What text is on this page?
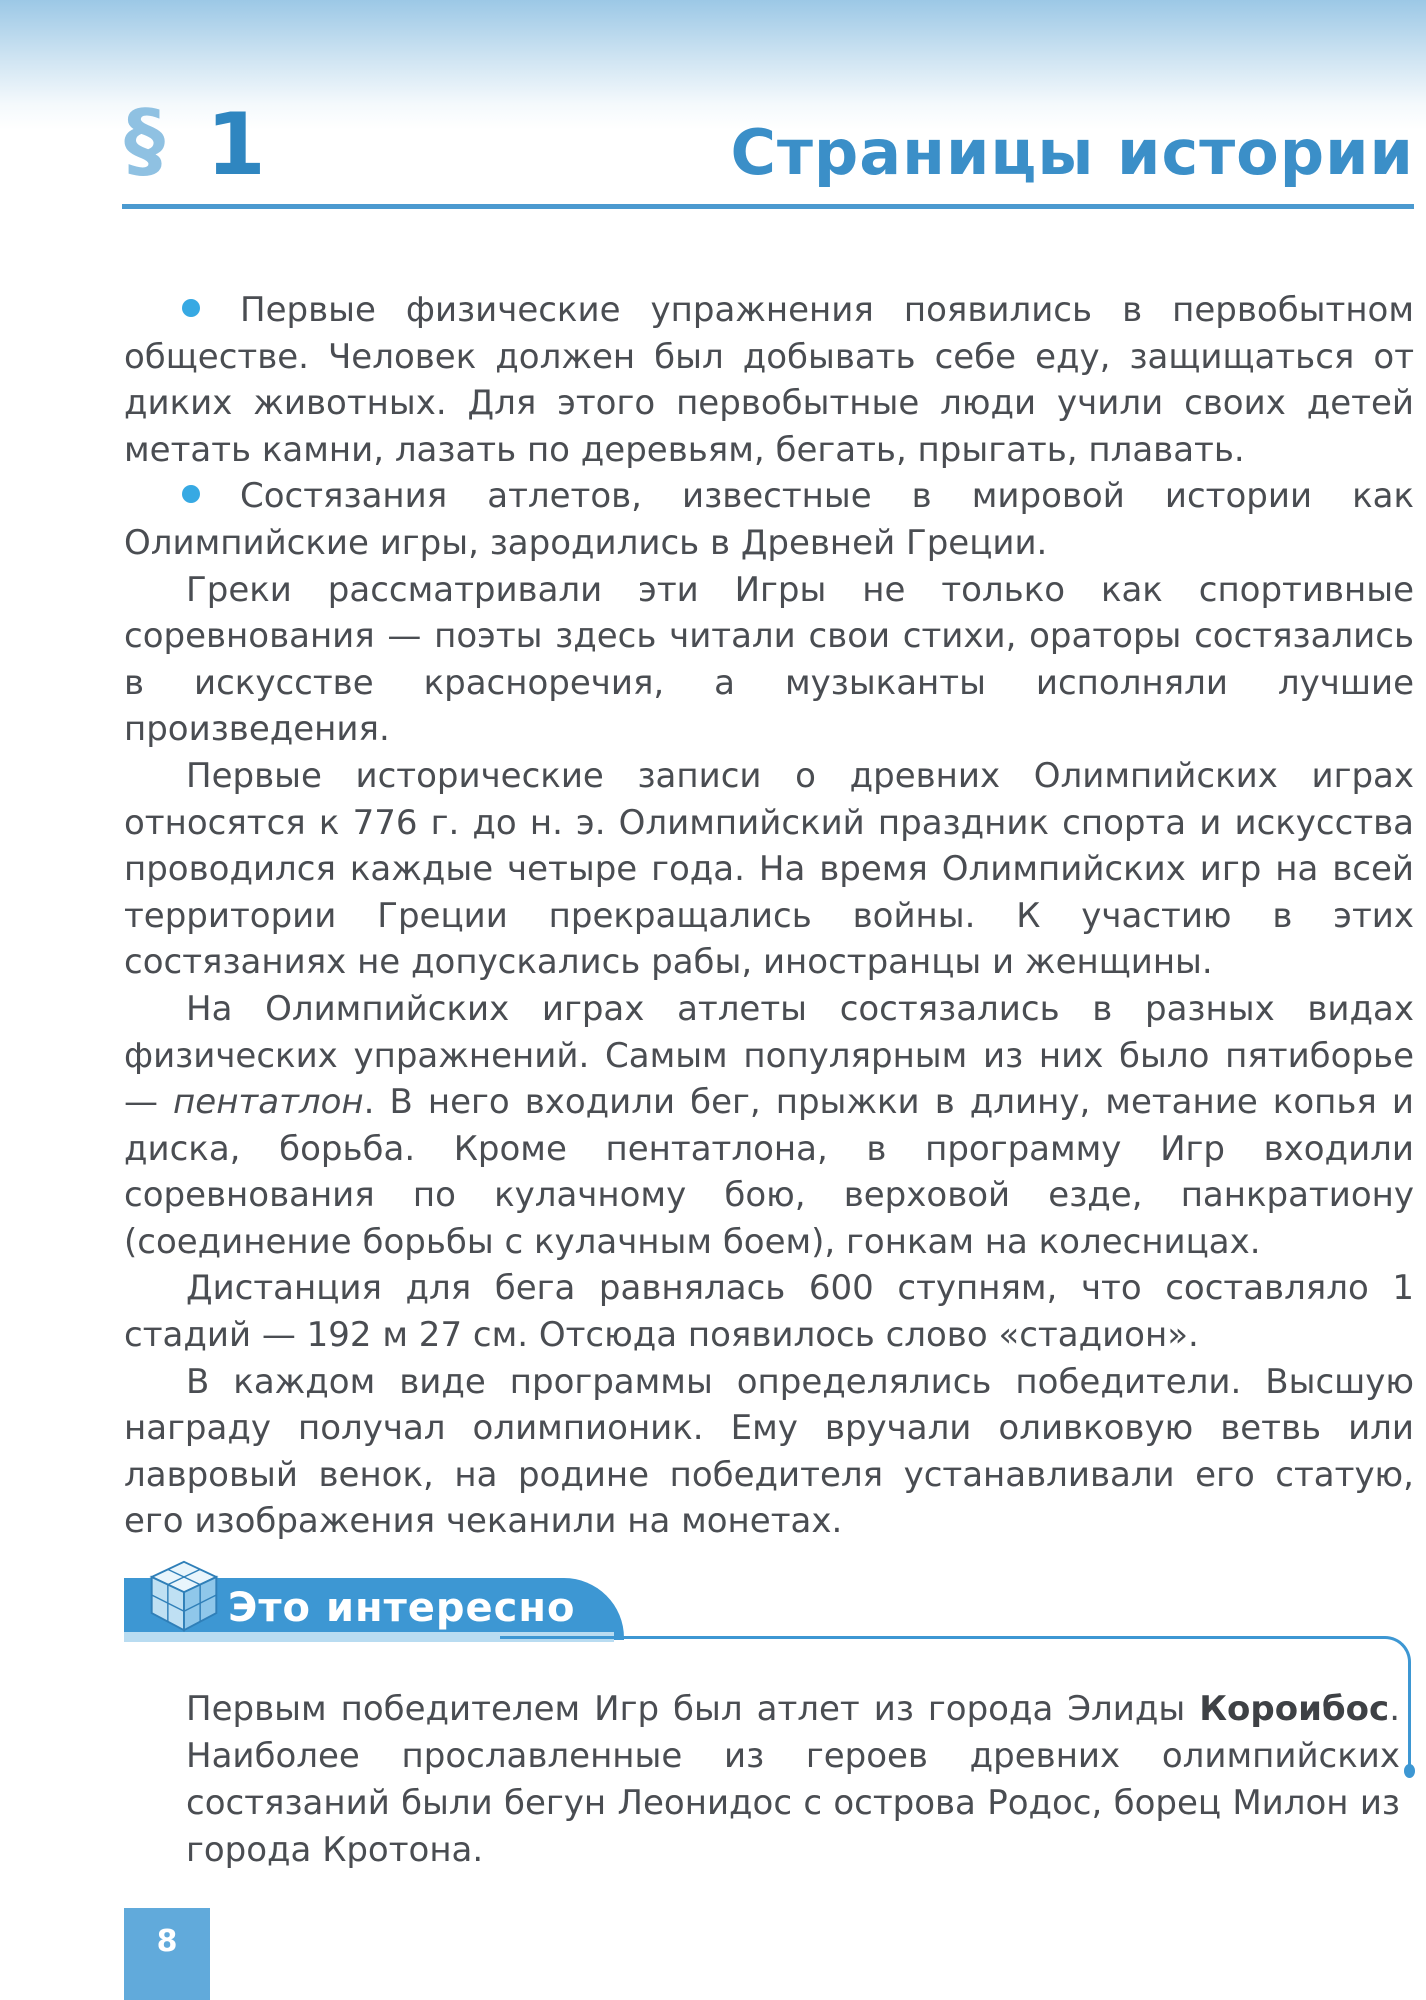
§ 1	Страницы истории

Первые физические упражнения появились в первобытном обществе. Человек должен был добывать себе еду, защищаться от диких животных. Для этого первобытные люди учили своих детей метать камни, лазать по деревьям, бегать, прыгать, плавать.

Состязания атлетов, известные в мировой истории как Олимпийские игры, зародились в Древней Греции.

Греки рассматривали эти Игры не только как спортивные соревнования — поэты здесь читали свои стихи, ораторы состязались в искусстве красноречия, а музыканты исполняли лучшие произведения.

Первые исторические записи о древних Олимпийских играх относятся к 776 г. до н. э. Олимпийский праздник спорта и искусства проводился каждые четыре года. На время Олимпийских игр на всей территории Греции прекращались войны. К участию в этих состязаниях не допускались рабы, иностранцы и женщины.

На Олимпийских играх атлеты состязались в разных видах физических упражнений. Самым популярным из них было пятиборье — пентатлон. В него входили бег, прыжки в длину, метание копья и диска, борьба. Кроме пентатлона, в программу Игр входили соревнования по кулачному бою, верховой езде, панкратиону (соединение борьбы с кулачным боем), гонкам на колесницах.

Дистанция для бега равнялась 600 ступням, что составляло 1 стадий — 192 м 27 см. Отсюда появилось слово «стадион».

В каждом виде программы определялись победители. Высшую награду получал олимпионик. Ему вручали оливковую ветвь или лавровый венок, на родине победителя устанавливали его статую, его изображения чеканили на монетах.

Это интересно

Первым победителем Игр был атлет из города Элиды Короибос. Наиболее прославленные из героев древних олимпийских состязаний были бегун Леонидос с острова Родос, борец Милон из города Кротона.

8
